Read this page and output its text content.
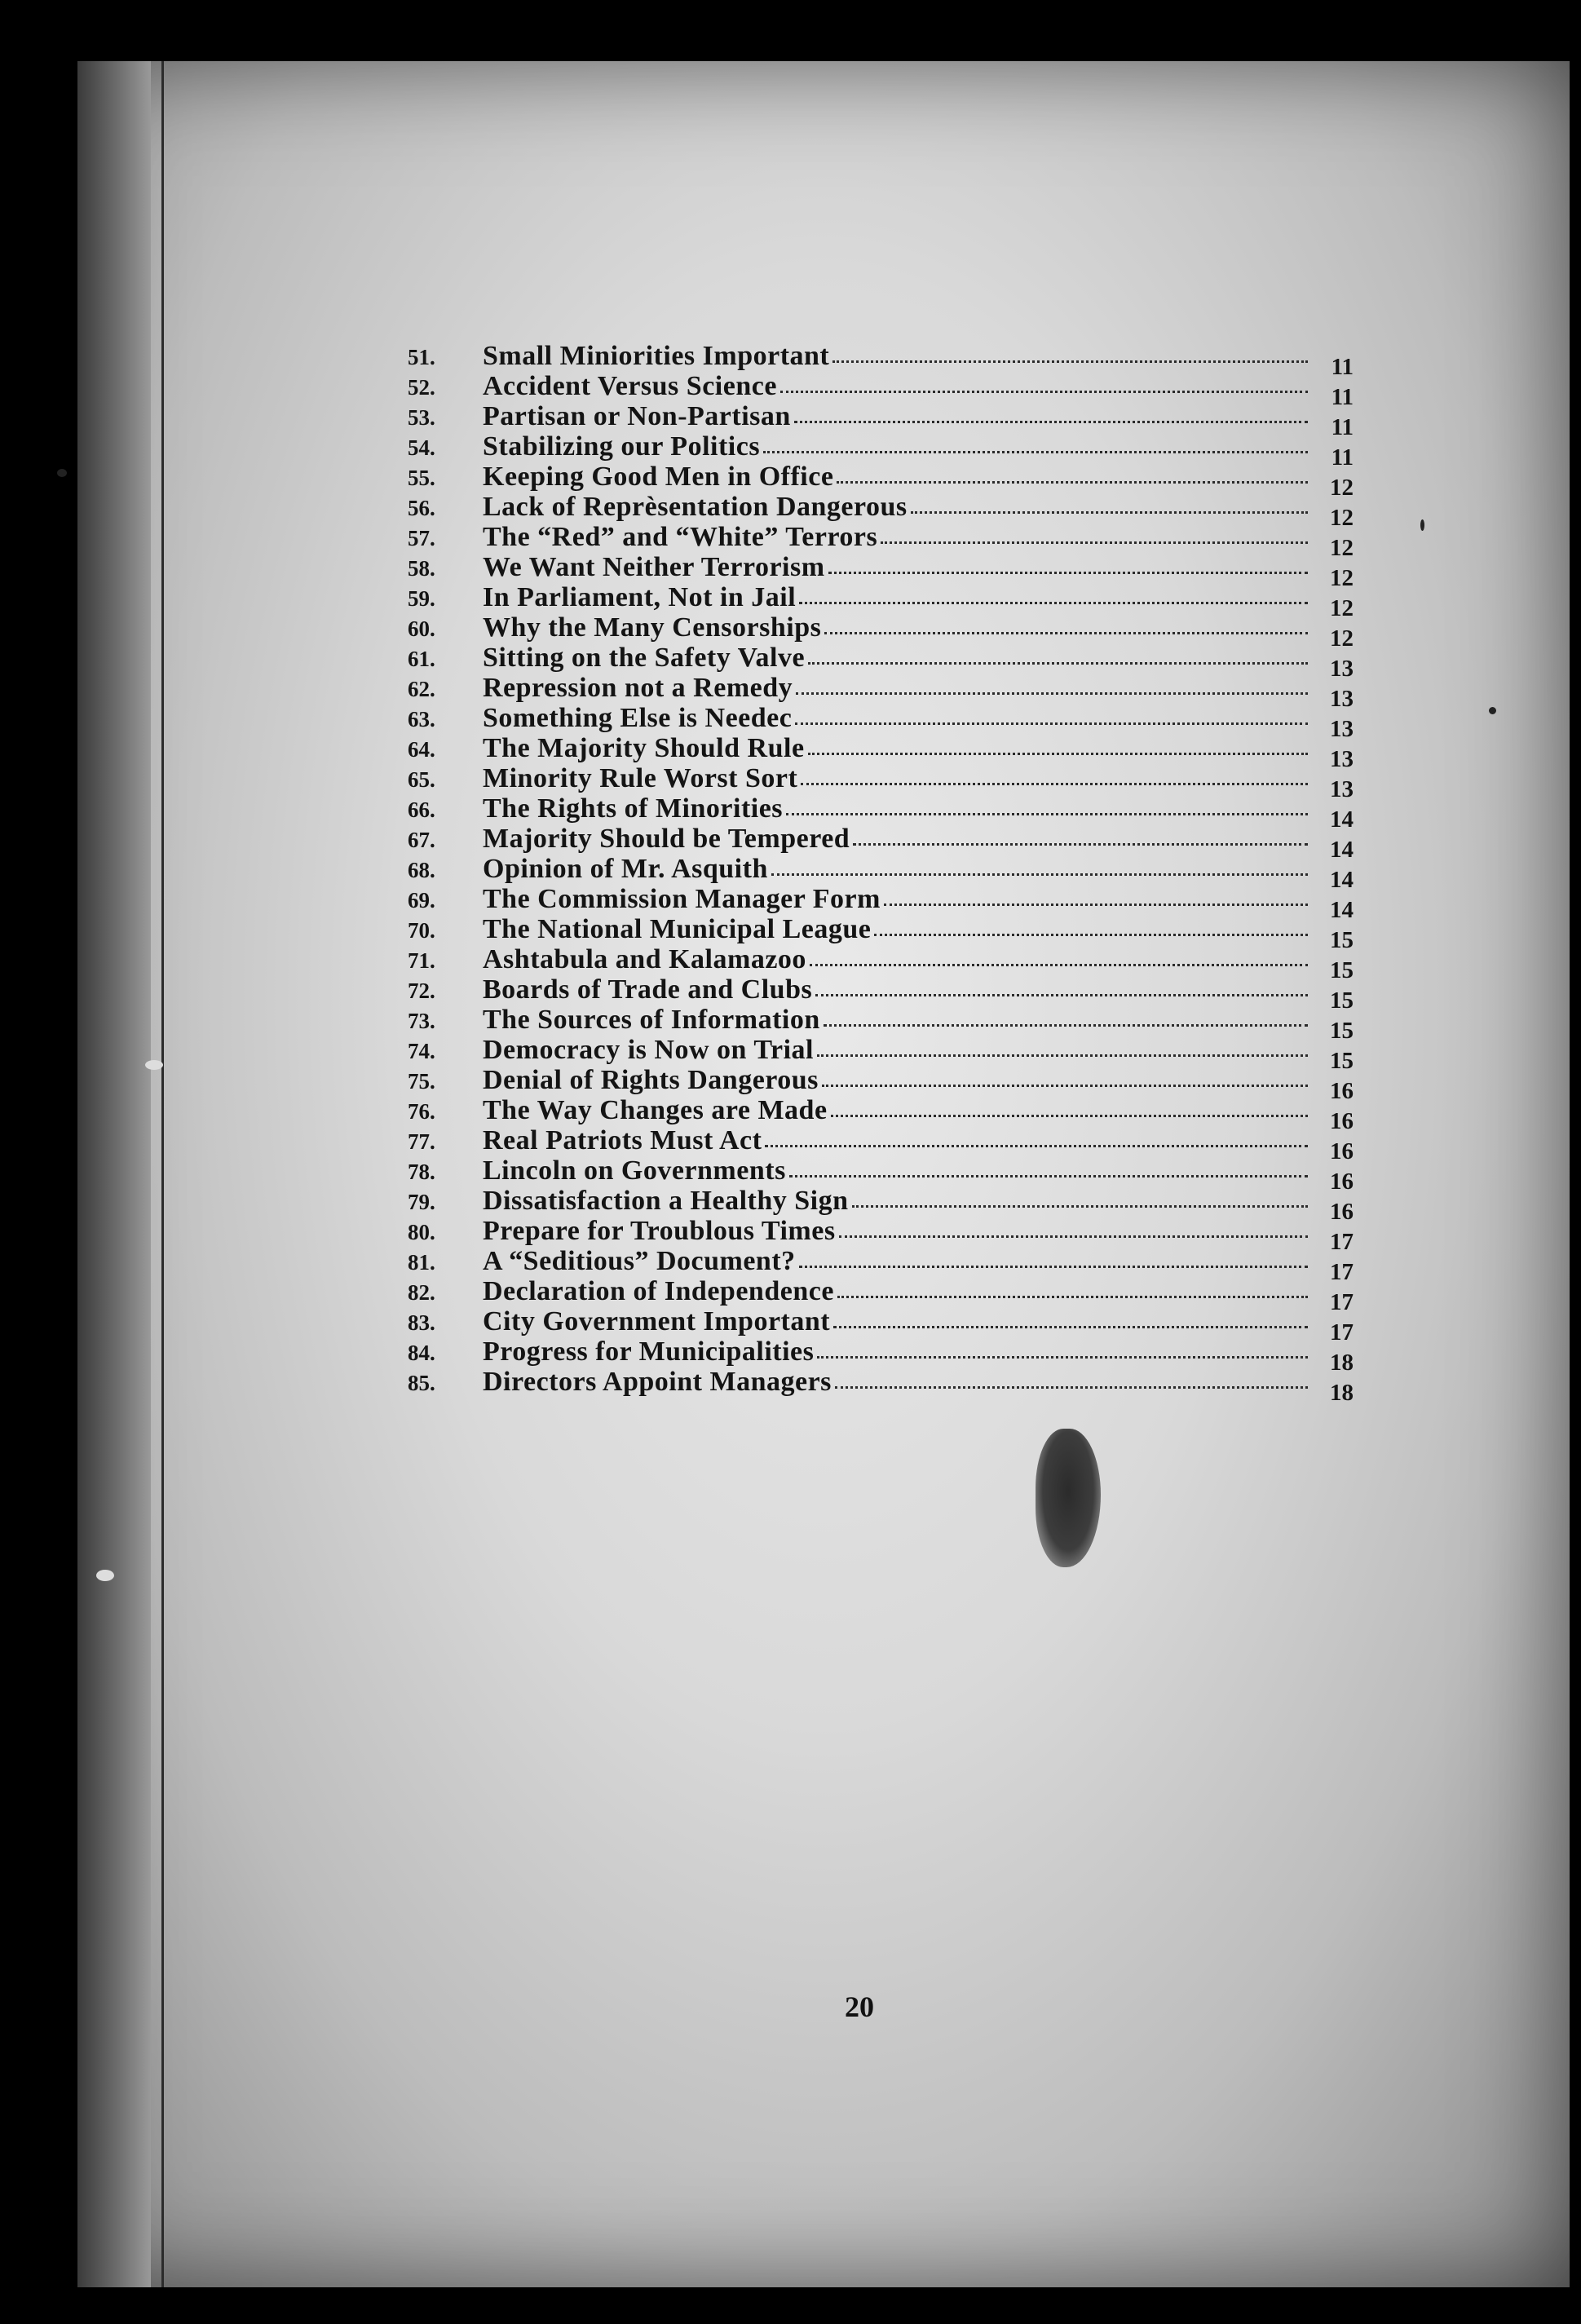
51.	Small Miniorities Important	11
52.	Accident Versus Science	11
53.	Partisan or Non-Partisan	11
54.	Stabilizing our Politics	11
55.	Keeping Good Men in Office	12
56.	Lack of Reprèsentation Dangerous	12
57.	The “Red” and “White” Terrors	12
58.	We Want Neither Terrorism	12
59.	In Parliament, Not in Jail	12
60.	Why the Many Censorships	12
61.	Sitting on the Safety Valve	13
62.	Repression not a Remedy	13
63.	Something Else is Needec	13
64.	The Majority Should Rule	13
65.	Minority Rule Worst Sort	13
66.	The Rights of Minorities	14
67.	Majority Should be Tempered	14
68.	Opinion of Mr. Asquith	14
69.	The Commission Manager Form	14
70.	The National Municipal League	15
71.	Ashtabula and Kalamazoo	15
72.	Boards of Trade and Clubs	15
73.	The Sources of Information	15
74.	Democracy is Now on Trial	15
75.	Denial of Rights Dangerous	16
76.	The Way Changes are Made	16
77.	Real Patriots Must Act	16
78.	Lincoln on Governments	16
79.	Dissatisfaction a Healthy Sign	16
80.	Prepare for Troublous Times	17
81.	A “Seditious” Document?	17
82.	Declaration of Independence	17
83.	City Government Important	17
84.	Progress for Municipalities	18
85.	Directors Appoint Managers	18
20
